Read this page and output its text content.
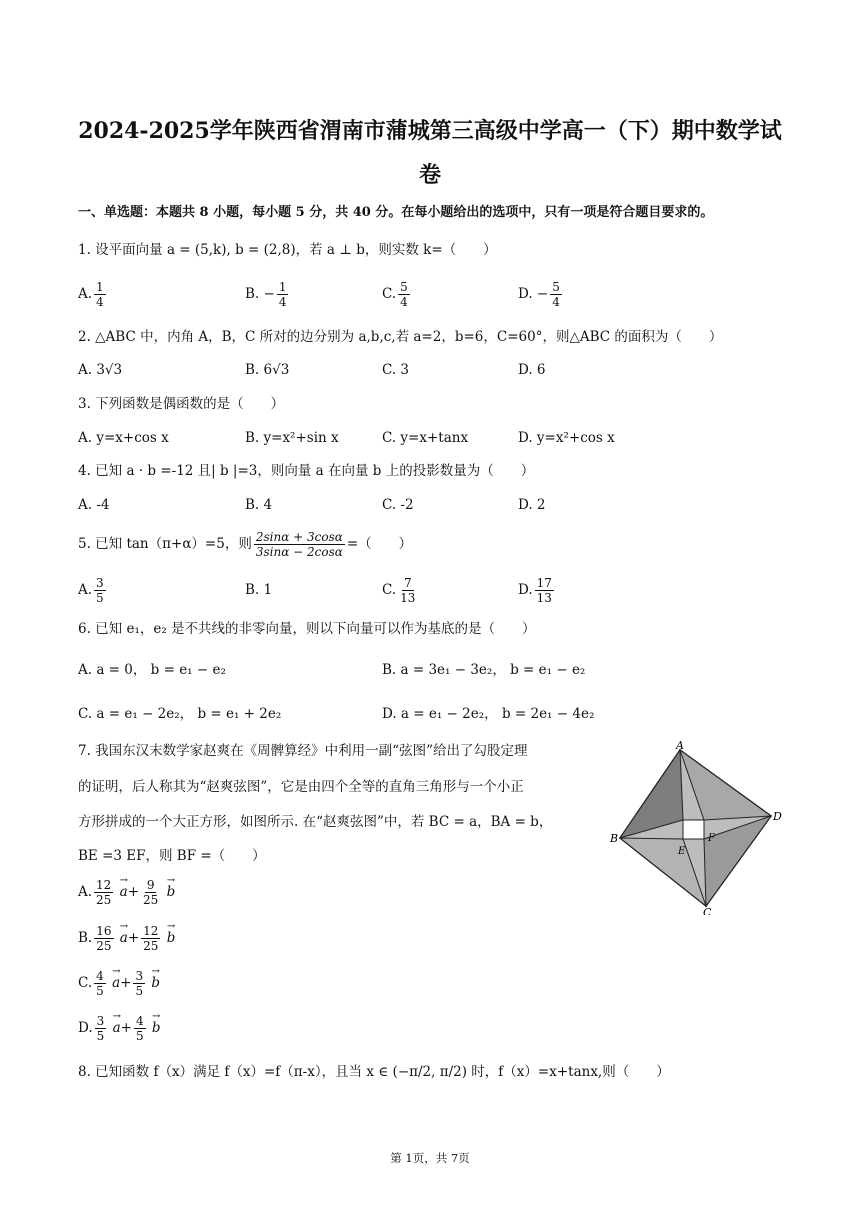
2024-2025学年陕西省渭南市蒲城第三高级中学高一（下）期中数学试
卷
一、单选题：本题共 8 小题，每小题 5 分，共 40 分。在每小题给出的选项中，只有一项是符合题目要求的。
1. 设平面向量 a = (5,k), b = (2,8)，若 a ⊥ b，则实数 k=（　　）
A. $\frac{1}{4}$	B. − $\frac{1}{4}$	C. $\frac{5}{4}$	D. − $\frac{5}{4}$
2. △ABC 中，内角 A，B，C 所对的边分别为 a,b,c,若 a=2，b=6，C=60°，则△ABC 的面积为（　　）
A. 3√3	B. 6√3	C. 3	D. 6
3. 下列函数是偶函数的是（　　）
A. y=x+cos x	B. y=x²+sin x	C. y=x+tanx	D. y=x²+cos x
4. 已知 a · b =-12 且| b |=3，则向量 a 在向量 b 上的投影数量为（　　）
A. -4	B. 4	C. -2	D. 2
5. 已知 tan（π+α）=5，则 $\frac{2\sin\alpha + 3\cos\alpha}{3\sin\alpha - 2\cos\alpha}$ =（　　）
A. $\frac{3}{5}$	B. 1	C. $\frac{7}{13}$	D. $\frac{17}{13}$
6. 已知 e₁，e₂ 是不共线的非零向量，则以下向量可以作为基底的是（　　）
A. a = 0， b = e₁ − e₂	B. a = 3e₁ − 3e₂， b = e₁ − e₂
C. a = e₁ − 2e₂， b = e₁ + 2e₂	D. a = e₁ − 2e₂， b = 2e₁ − 4e₂
7. 我国东汉末数学家赵爽在《周髀算经》中利用一副“弦图”给出了勾股定理
的证明，后人称其为“赵爽弦图”，它是由四个全等的直角三角形与一个小正
方形拼成的一个大正方形，如图所示. 在“赵爽弦图”中，若 BC = a，BA = b，
BE =3 EF，则 BF =（　　）
A. $\frac{12}{25}$
→ $a+ \frac{9}{25}$
→ b
B. $\frac{16}{25}$
→ $a+ \frac{12}{25}$
→ b
C. $\frac{4}{5}$
→ $a+ \frac{3}{5}$
→ b
D. $\frac{3}{5}$
→ $a+ \frac{4}{5}$
→ b
A
B
C
D
E
F
8. 已知函数 f（x）满足 f（x）=f（π-x），且当 x ∈ (−π/2, π/2) 时，f（x）=x+tanx,则（　　）
第 1页，共 7页
